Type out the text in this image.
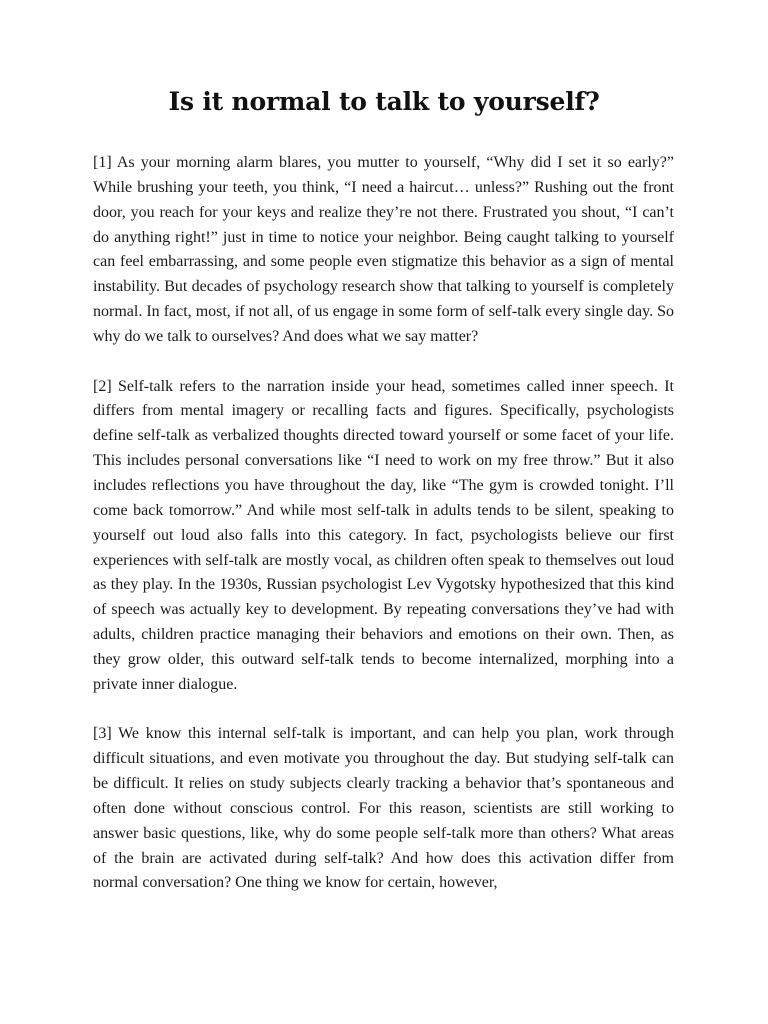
Is it normal to talk to yourself?

[1] As your morning alarm blares, you mutter to yourself, “Why did I set it so early?” While brushing your teeth, you think, “I need a haircut… unless?” Rushing out the front door, you reach for your keys and realize they’re not there. Frustrated you shout, “I can’t do anything right!” just in time to notice your neighbor. Being caught talking to yourself can feel embarrassing, and some people even stigmatize this behavior as a sign of mental instability. But decades of psychology research show that talking to yourself is completely normal. In fact, most, if not all, of us engage in some form of self-talk every single day. So why do we talk to ourselves? And does what we say matter?

[2] Self-talk refers to the narration inside your head, sometimes called inner speech. It differs from mental imagery or recalling facts and figures. Specifically, psychologists define self-talk as verbalized thoughts directed toward yourself or some facet of your life. This includes personal conversations like “I need to work on my free throw.” But it also includes reflections you have throughout the day, like “The gym is crowded tonight. I’ll come back tomorrow.” And while most self-talk in adults tends to be silent, speaking to yourself out loud also falls into this category. In fact, psychologists believe our first experiences with self-talk are mostly vocal, as children often speak to themselves out loud as they play. In the 1930s, Russian psychologist Lev Vygotsky hypothesized that this kind of speech was actually key to development. By repeating conversations they’ve had with adults, children practice managing their behaviors and emotions on their own. Then, as they grow older, this outward self-talk tends to become internalized, morphing into a private inner dialogue.

[3] We know this internal self-talk is important, and can help you plan, work through difficult situations, and even motivate you throughout the day. But studying self-talk can be difficult. It relies on study subjects clearly tracking a behavior that’s spontaneous and often done without conscious control. For this reason, scientists are still working to answer basic questions, like, why do some people self-talk more than others? What areas of the brain are activated during self-talk? And how does this activation differ from normal conversation? One thing we know for certain, however,
